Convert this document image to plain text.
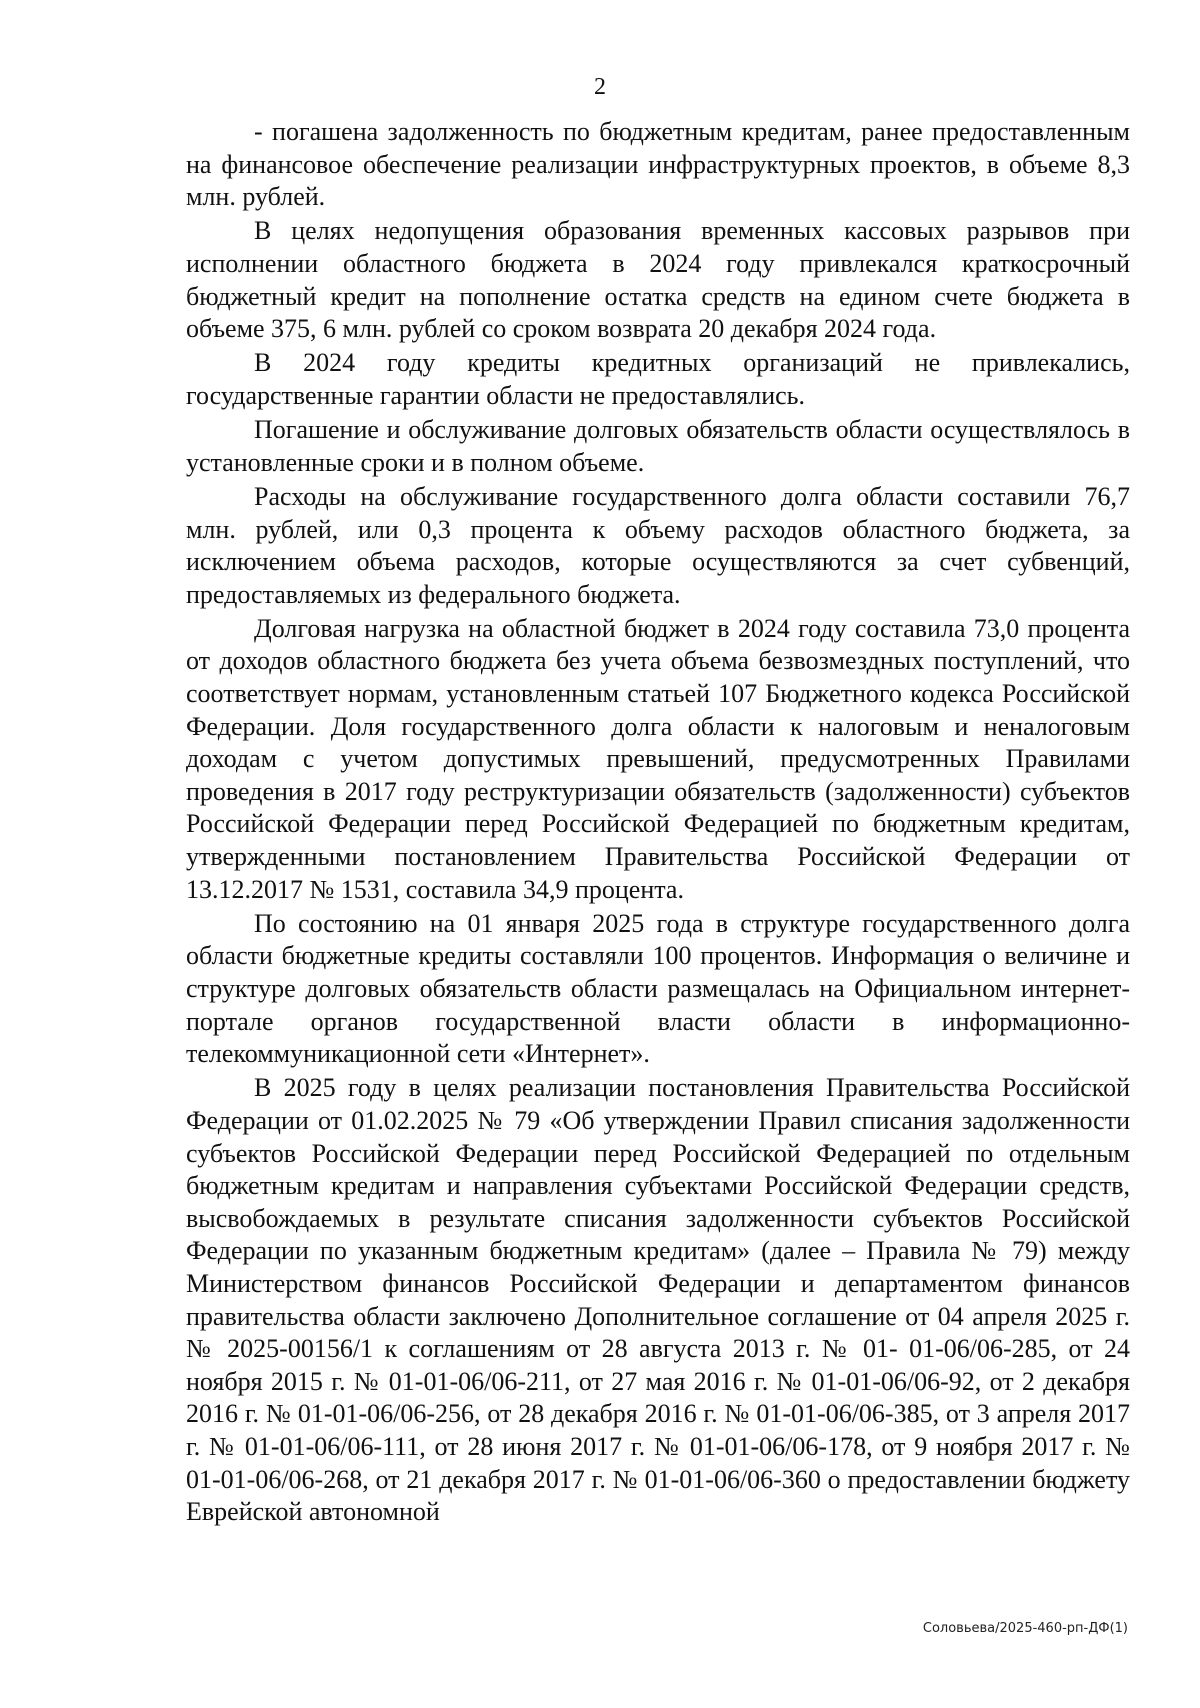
2

- погашена задолженность по бюджетным кредитам, ранее предоставленным на финансовое обеспечение реализации инфраструктурных проектов, в объеме 8,3 млн. рублей.

В целях недопущения образования временных кассовых разрывов при исполнении областного бюджета в 2024 году привлекался краткосрочный бюджетный кредит на пополнение остатка средств на едином счете бюджета в объеме 375, 6 млн. рублей со сроком возврата 20 декабря 2024 года.

В 2024 году кредиты кредитных организаций не привлекались, государственные гарантии области не предоставлялись.

Погашение и обслуживание долговых обязательств области осуществлялось в установленные сроки и в полном объеме.

Расходы на обслуживание государственного долга области составили 76,7 млн. рублей, или 0,3 процента к объему расходов областного бюджета, за исключением объема расходов, которые осуществляются за счет субвенций, предоставляемых из федерального бюджета.

Долговая нагрузка на областной бюджет в 2024 году составила 73,0 процента от доходов областного бюджета без учета объема безвозмездных поступлений, что соответствует нормам, установленным статьей 107 Бюджетного кодекса Российской Федерации. Доля государственного долга области к налоговым и неналоговым доходам с учетом допустимых превышений, предусмотренных Правилами проведения в 2017 году реструктуризации обязательств (задолженности) субъектов Российской Федерации перед Российской Федерацией по бюджетным кредитам, утвержденными постановлением Правительства Российской Федерации от 13.12.2017 № 1531, составила 34,9 процента.

По состоянию на 01 января 2025 года в структуре государственного долга области бюджетные кредиты составляли 100 процентов. Информация о величине и структуре долговых обязательств области размещалась на Официальном интернет-портале органов государственной власти области в информационно-телекоммуникационной сети «Интернет».

В 2025 году в целях реализации постановления Правительства Российской Федерации от 01.02.2025 № 79 «Об утверждении Правил списания задолженности субъектов Российской Федерации перед Российской Федерацией по отдельным бюджетным кредитам и направления субъектами Российской Федерации средств, высвобождаемых в результате списания задолженности субъектов Российской Федерации по указанным бюджетным кредитам» (далее – Правила № 79) между Министерством финансов Российской Федерации и департаментом финансов правительства области заключено Дополнительное соглашение от 04 апреля 2025 г. № 2025-00156/1 к соглашениям от 28 августа 2013 г. № 01- 01-06/06-285, от 24 ноября 2015 г. № 01-01-06/06-211, от 27 мая 2016 г. № 01-01-06/06-92, от 2 декабря 2016 г. № 01-01-06/06-256, от 28 декабря 2016 г. № 01-01-06/06-385, от 3 апреля 2017 г. № 01-01-06/06-111, от 28 июня 2017 г. № 01-01-06/06-178, от 9 ноября 2017 г. № 01-01-06/06-268, от 21 декабря 2017 г. № 01-01-06/06-360 о предоставлении бюджету Еврейской автономной

Соловьева/2025-460-рп-ДФ(1)
